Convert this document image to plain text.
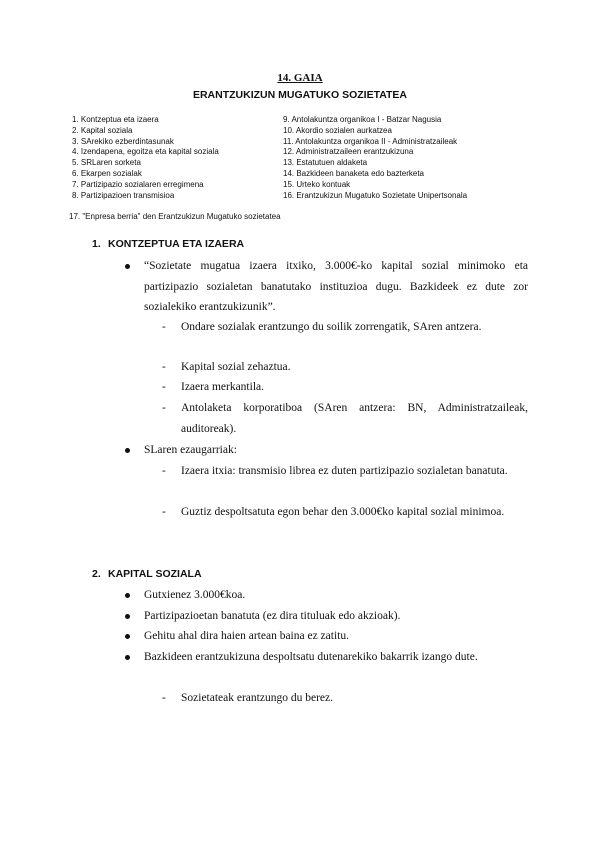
14. GAIA
ERANTZUKIZUN MUGATUKO SOZIETATEA
1. Kontzeptua eta izaera
2. Kapital soziala
3. SArekiko ezberdintasunak
4. Izendapena, egoitza eta kapital soziala
5. SRLaren sorketa
6. Ekarpen sozialak
7. Partizipazio sozialaren erregimena
8. Partizipazioen transmisioa
9. Antolakuntza organikoa I - Batzar Nagusia
10. Akordio sozialen aurkatzea
11. Antolakuntza organikoa II - Administratzaileak
12. Administratzaileen erantzukizuna
13. Estatutuen aldaketa
14. Bazkideen banaketa edo bazterketa
15. Urteko kontuak
16. Erantzukizun Mugatuko Sozietate Unipertsonala
17. "Enpresa berria" den Erantzukizun Mugatuko sozietatea
1. KONTZEPTUA ETA IZAERA
“Sozietate mugatua izaera itxiko, 3.000€-ko kapital sozial minimoko eta partizipazio sozialetan banatutako instituzioa dugu. Bazkideek ez dute zor sozialekiko erantzukizunik”.
- Ondare sozialak erantzungo du soilik zorrengatik, SAren antzera.
- Kapital sozial zehaztua.
- Izaera merkantila.
- Antolaketa korporatiboa (SAren antzera: BN, Administratzaileak, auditoreak).
SLaren ezaugarriak:
- Izaera itxia: transmisio librea ez duten partizipazio sozialetan banatuta.
- Guztiz despoltsatuta egon behar den 3.000€ko kapital sozial minimoa.
2. KAPITAL SOZIALA
Gutxienez 3.000€koa.
Partizipazioetan banatuta (ez dira tituluak edo akzioak).
Gehitu ahal dira haien artean baina ez zatitu.
Bazkideen erantzukizuna despoltsatu dutenarekiko bakarrik izango dute.
- Sozietateak erantzungo du berez.
